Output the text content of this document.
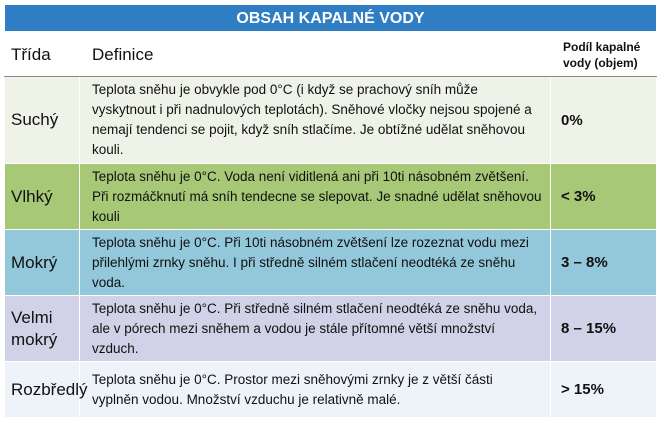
OBSAH KAPALNÉ VODY
Třída	Definice	Podíl kapalné vody (objem)
Suchý	Teplota sněhu je obvykle pod 0°C (i když se prachový sníh může vyskytnout i při nadnulových teplotách). Sněhové vločky nejsou spojené a nemají tendenci se pojit, když sníh stlačíme. Je obtížné udělat sněhovou kouli.	0%
Vlhký	Teplota sněhu je 0°C. Voda není viditlená ani při 10ti násobném zvětšení. Při rozmáčknutí má sníh tendecne se slepovat. Je snadné udělat sněhovou kouli	< 3%
Mokrý	Teplota sněhu je 0°C. Při 10ti násobném zvětšení lze rozeznat vodu mezi přilehlými zrnky sněhu. I při středně silném stlačení neodtéká ze sněhu voda.	3 – 8%
Velmi mokrý	Teplota sněhu je 0°C. Při středně silném stlačení neodtéká ze sněhu voda, ale v pórech mezi sněhem a vodou je stále přítomné větší množství vzduch.	8 – 15%
Rozbředlý	Teplota sněhu je 0°C. Prostor mezi sněhovými zrnky je z větší části vyplněn vodou. Množství vzduchu je relativně malé.	> 15%
